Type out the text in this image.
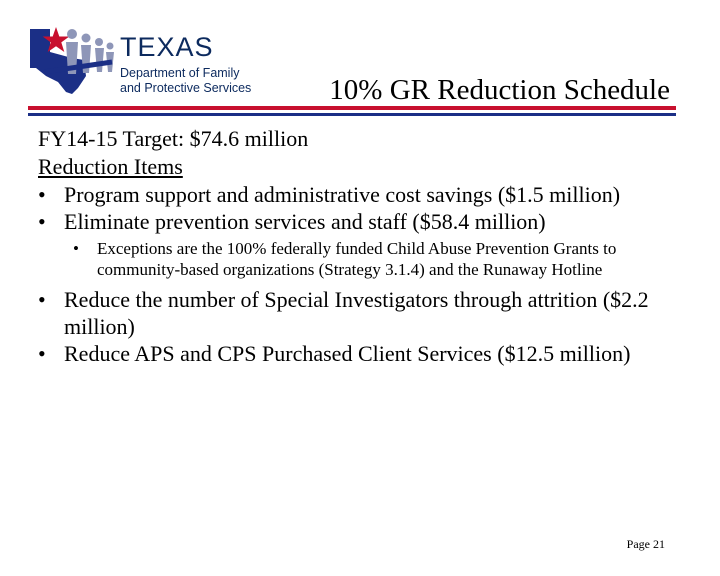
TEXAS
Department of Family
and Protective Services	10% GR Reduction Schedule
FY14-15 Target: $74.6 million
Reduction Items
• Program support and administrative cost savings ($1.5 million)
• Eliminate prevention services and staff ($58.4 million)
• Exceptions are the 100% federally funded Child Abuse Prevention Grants to community-based organizations (Strategy 3.1.4) and the Runaway Hotline
• Reduce the number of Special Investigators through attrition ($2.2 million)
• Reduce APS and CPS Purchased Client Services ($12.5 million)
Page 21
